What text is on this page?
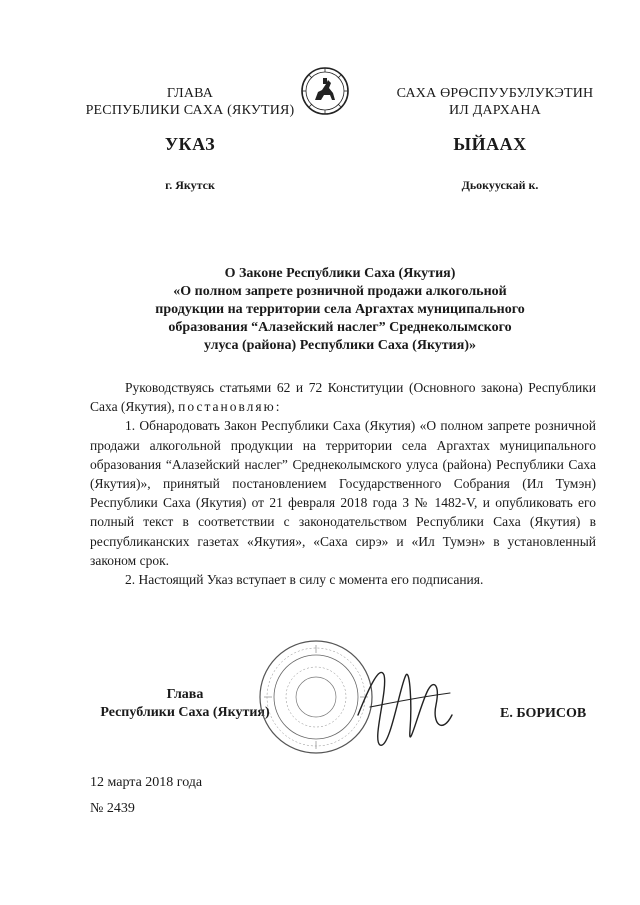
ГЛАВА
РЕСПУБЛИКИ САХА (ЯКУТИЯ)
САХА ӨРӨСПУУБУЛУКЭТИН
ИЛ ДАРХАНА
УКАЗ	ЫЙААХ
г. Якутск	Дьокуускай к.
О Законе Республики Саха (Якутия)
«О полном запрете розничной продажи алкогольной
продукции на территории села Аргахтах муниципального
образования “Алазейский наслег” Среднеколымского
улуса (района) Республики Саха (Якутия)»

Руководствуясь статьями 62 и 72 Конституции (Основного закона) Республики Саха (Якутия), постановляю:

1. Обнародовать Закон Республики Саха (Якутия) «О полном запрете розничной продажи алкогольной продукции на территории села Аргахтах муниципального образования “Алазейский наслег” Среднеколымского улуса (района) Республики Саха (Якутия)», принятый постановлением Государственного Собрания (Ил Тумэн) Республики Саха (Якутия) от 21 февраля 2018 года З № 1482-V, и опубликовать его полный текст в соответствии с законодательством Республики Саха (Якутия) в республиканских газетах «Якутия», «Саха сирэ» и «Ил Тумэн» в установленный законом срок.

2. Настоящий Указ вступает в силу с момента его подписания.

Глава
Республики Саха (Якутия)	Е. БОРИСОВ
12 марта 2018 года
№ 2439
